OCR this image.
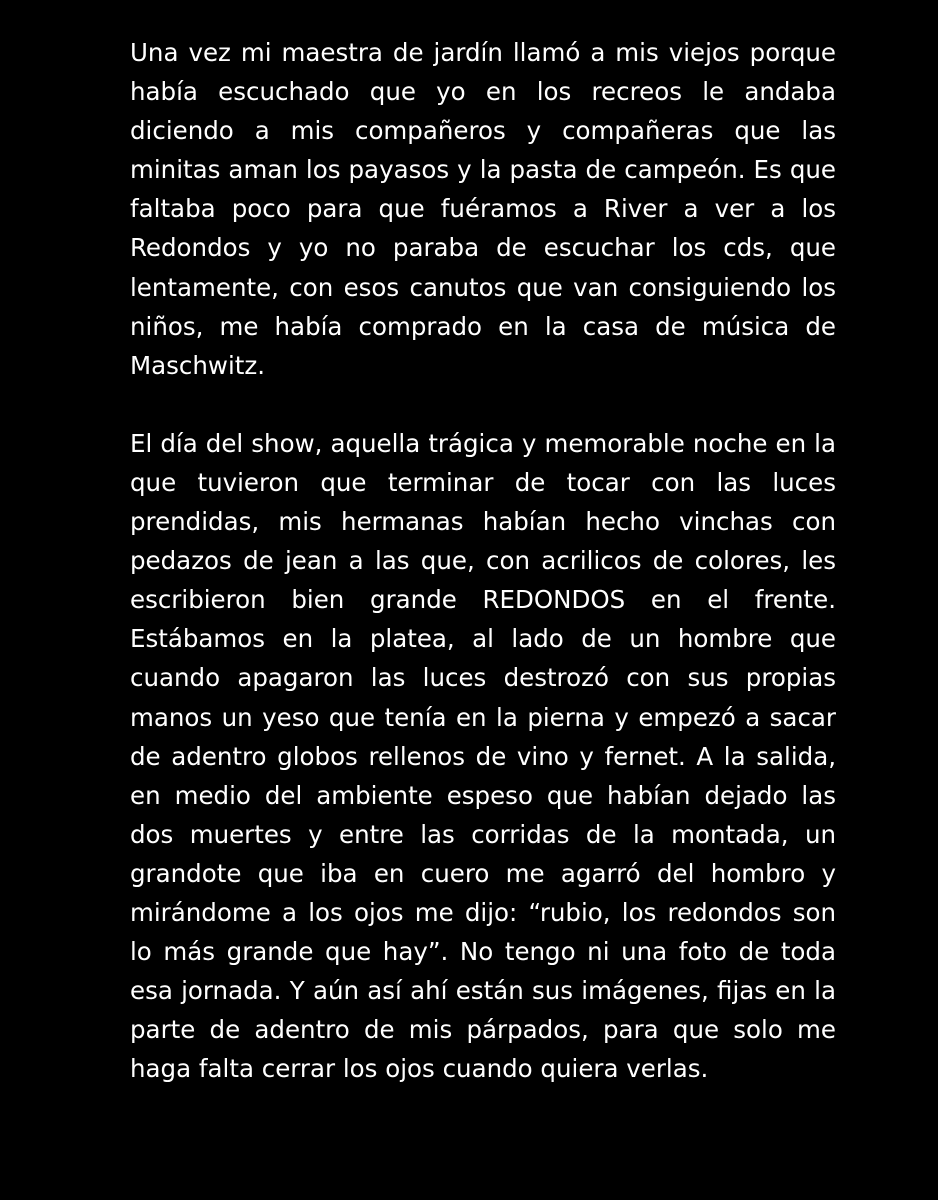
Una vez mi maestra de jardín llamó a mis viejos porque
había escuchado que yo en los recreos le andaba
diciendo a mis compañeros y compañeras que las
minitas aman los payasos y la pasta de campeón. Es que
faltaba poco para que fuéramos a River a ver a los
Redondos y yo no paraba de escuchar los cds, que
lentamente, con esos canutos que van consiguiendo los
niños, me había comprado en la casa de música de
Maschwitz.

El día del show, aquella trágica y memorable noche en la
que tuvieron que terminar de tocar con las luces
prendidas, mis hermanas habían hecho vinchas con
pedazos de jean a las que, con acrilicos de colores, les
escribieron bien grande REDONDOS en el frente.
Estábamos en la platea, al lado de un hombre que
cuando apagaron las luces destrozó con sus propias
manos un yeso que tenía en la pierna y empezó a sacar
de adentro globos rellenos de vino y fernet. A la salida,
en medio del ambiente espeso que habían dejado las
dos muertes y entre las corridas de la montada, un
grandote que iba en cuero me agarró del hombro y
mirándome a los ojos me dijo: “rubio, los redondos son
lo más grande que hay”. No tengo ni una foto de toda
esa jornada. Y aún así ahí están sus imágenes, fijas en la
parte de adentro de mis párpados, para que solo me
haga falta cerrar los ojos cuando quiera verlas.
